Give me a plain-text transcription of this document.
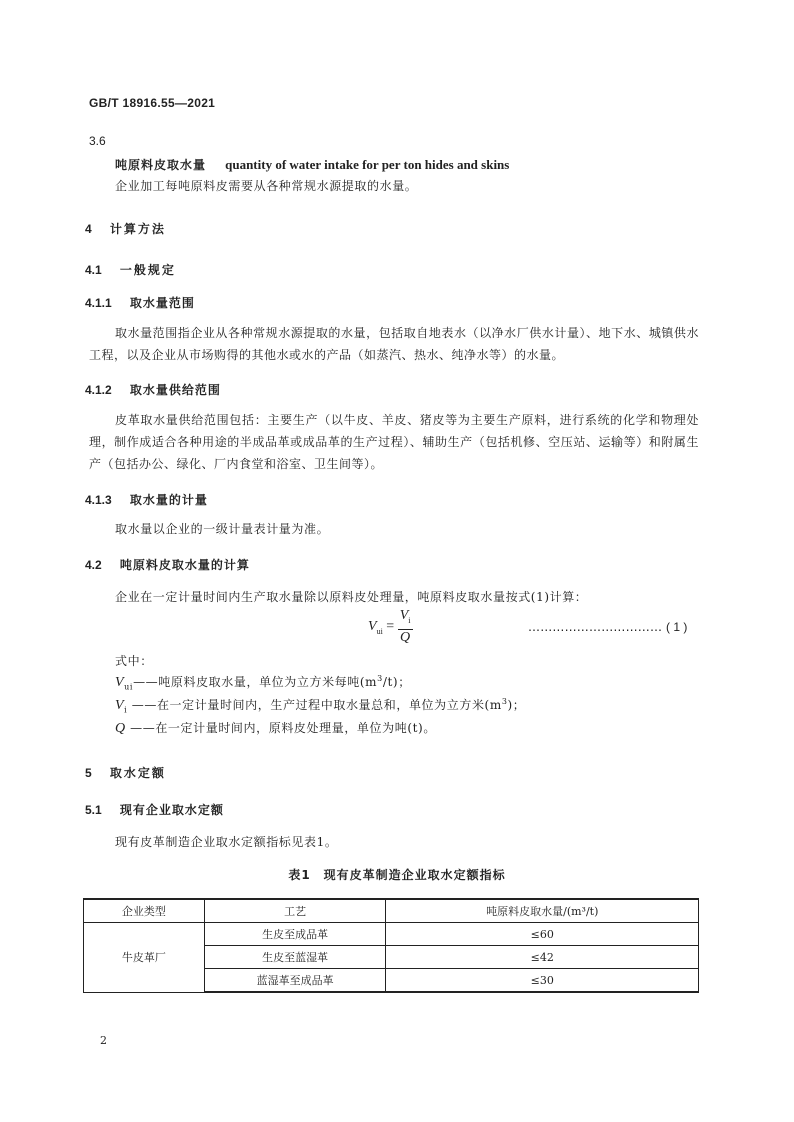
GB/T 18916.55—2021
3.6
吨原料皮取水量 quantity of water intake for per ton hides and skins
企业加工每吨原料皮需要从各种常规水源提取的水量。
4 计算方法
4.1 一般规定
4.1.1 取水量范围
取水量范围指企业从各种常规水源提取的水量，包括取自地表水（以净水厂供水计量）、地下水、城镇供水工程，以及企业从市场购得的其他水或水的产品（如蒸汽、热水、纯净水等）的水量。
4.1.2 取水量供给范围
皮革取水量供给范围包括：主要生产（以牛皮、羊皮、猪皮等为主要生产原料，进行系统的化学和物理处理，制作成适合各种用途的半成品革或成品革的生产过程）、辅助生产（包括机修、空压站、运输等）和附属生产（包括办公、绿化、厂内食堂和浴室、卫生间等）。
4.1.3 取水量的计量
取水量以企业的一级计量表计量为准。
4.2 吨原料皮取水量的计算
企业在一定计量时间内生产取水量除以原料皮处理量，吨原料皮取水量按式(1)计算：
$V_{ui} = \frac{V_i}{Q}$	…………………………… ( 1 )
式中：
$V_{ui}——$吨原料皮取水量，单位为立方米每吨$(m^3/t)$；
$V_i$ ——在一定计量时间内，生产过程中取水量总和，单位为立方米$(m^3)$；
Q ——在一定计量时间内，原料皮处理量，单位为吨(t)。
5 取水定额
5.1 现有企业取水定额
现有皮革制造企业取水定额指标见表1。
表1　现有皮革制造企业取水定额指标
企业类型	工艺	吨原料皮取水量/(m³/t)
牛皮革厂	生皮至成品革	≤60
	生皮至蓝湿革	≤42
	蓝湿革至成品革	≤30
2
